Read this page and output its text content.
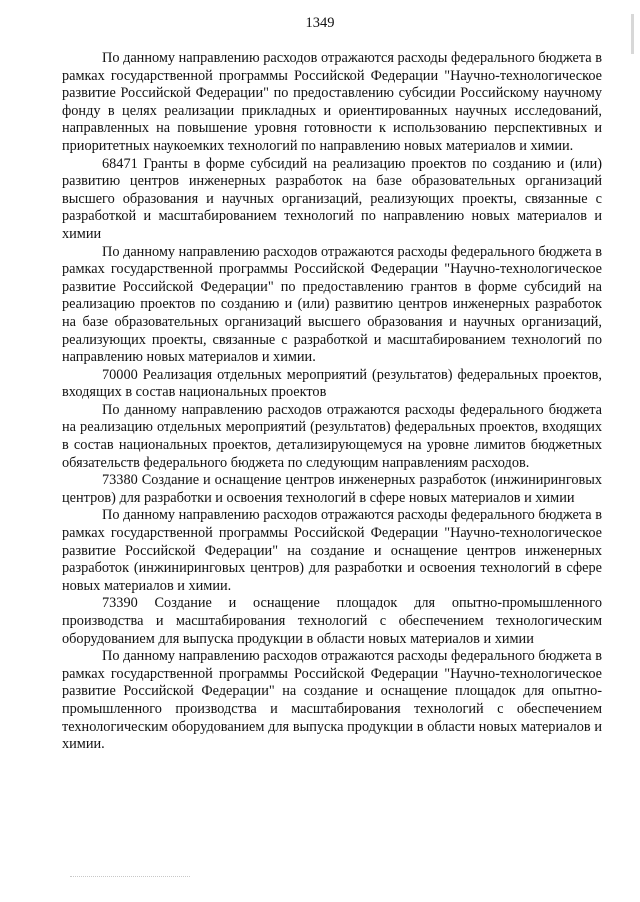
1349

По данному направлению расходов отражаются расходы федерального бюджета в рамках государственной программы Российской Федерации "Научно-технологическое развитие Российской Федерации" по предоставлению субсидии Российскому научному фонду в целях реализации прикладных и ориентированных научных исследований, направленных на повышение уровня готовности к использованию перспективных и приоритетных наукоемких технологий по направлению новых материалов и химии.

68471 Гранты в форме субсидий на реализацию проектов по созданию и (или) развитию центров инженерных разработок на базе образовательных организаций высшего образования и научных организаций, реализующих проекты, связанные с разработкой и масштабированием технологий по направлению новых материалов и химии

По данному направлению расходов отражаются расходы федерального бюджета в рамках государственной программы Российской Федерации "Научно-технологическое развитие Российской Федерации" по предоставлению грантов в форме субсидий на реализацию проектов по созданию и (или) развитию центров инженерных разработок на базе образовательных организаций высшего образования и научных организаций, реализующих проекты, связанные с разработкой и масштабированием технологий по направлению новых материалов и химии.

70000 Реализация отдельных мероприятий (результатов) федеральных проектов, входящих в состав национальных проектов

По данному направлению расходов отражаются расходы федерального бюджета на реализацию отдельных мероприятий (результатов) федеральных проектов, входящих в состав национальных проектов, детализирующемуся на уровне лимитов бюджетных обязательств федерального бюджета по следующим направлениям расходов.

73380 Создание и оснащение центров инженерных разработок (инжиниринговых центров) для разработки и освоения технологий в сфере новых материалов и химии

По данному направлению расходов отражаются расходы федерального бюджета в рамках государственной программы Российской Федерации "Научно-технологическое развитие Российской Федерации" на создание и оснащение центров инженерных разработок (инжиниринговых центров) для разработки и освоения технологий в сфере новых материалов и химии.

73390 Создание и оснащение площадок для опытно-промышленного производства и масштабирования технологий с обеспечением технологическим оборудованием для выпуска продукции в области новых материалов и химии

По данному направлению расходов отражаются расходы федерального бюджета в рамках государственной программы Российской Федерации "Научно-технологическое развитие Российской Федерации" на создание и оснащение площадок для опытно-промышленного производства и масштабирования технологий с обеспечением технологическим оборудованием для выпуска продукции в области новых материалов и химии.
